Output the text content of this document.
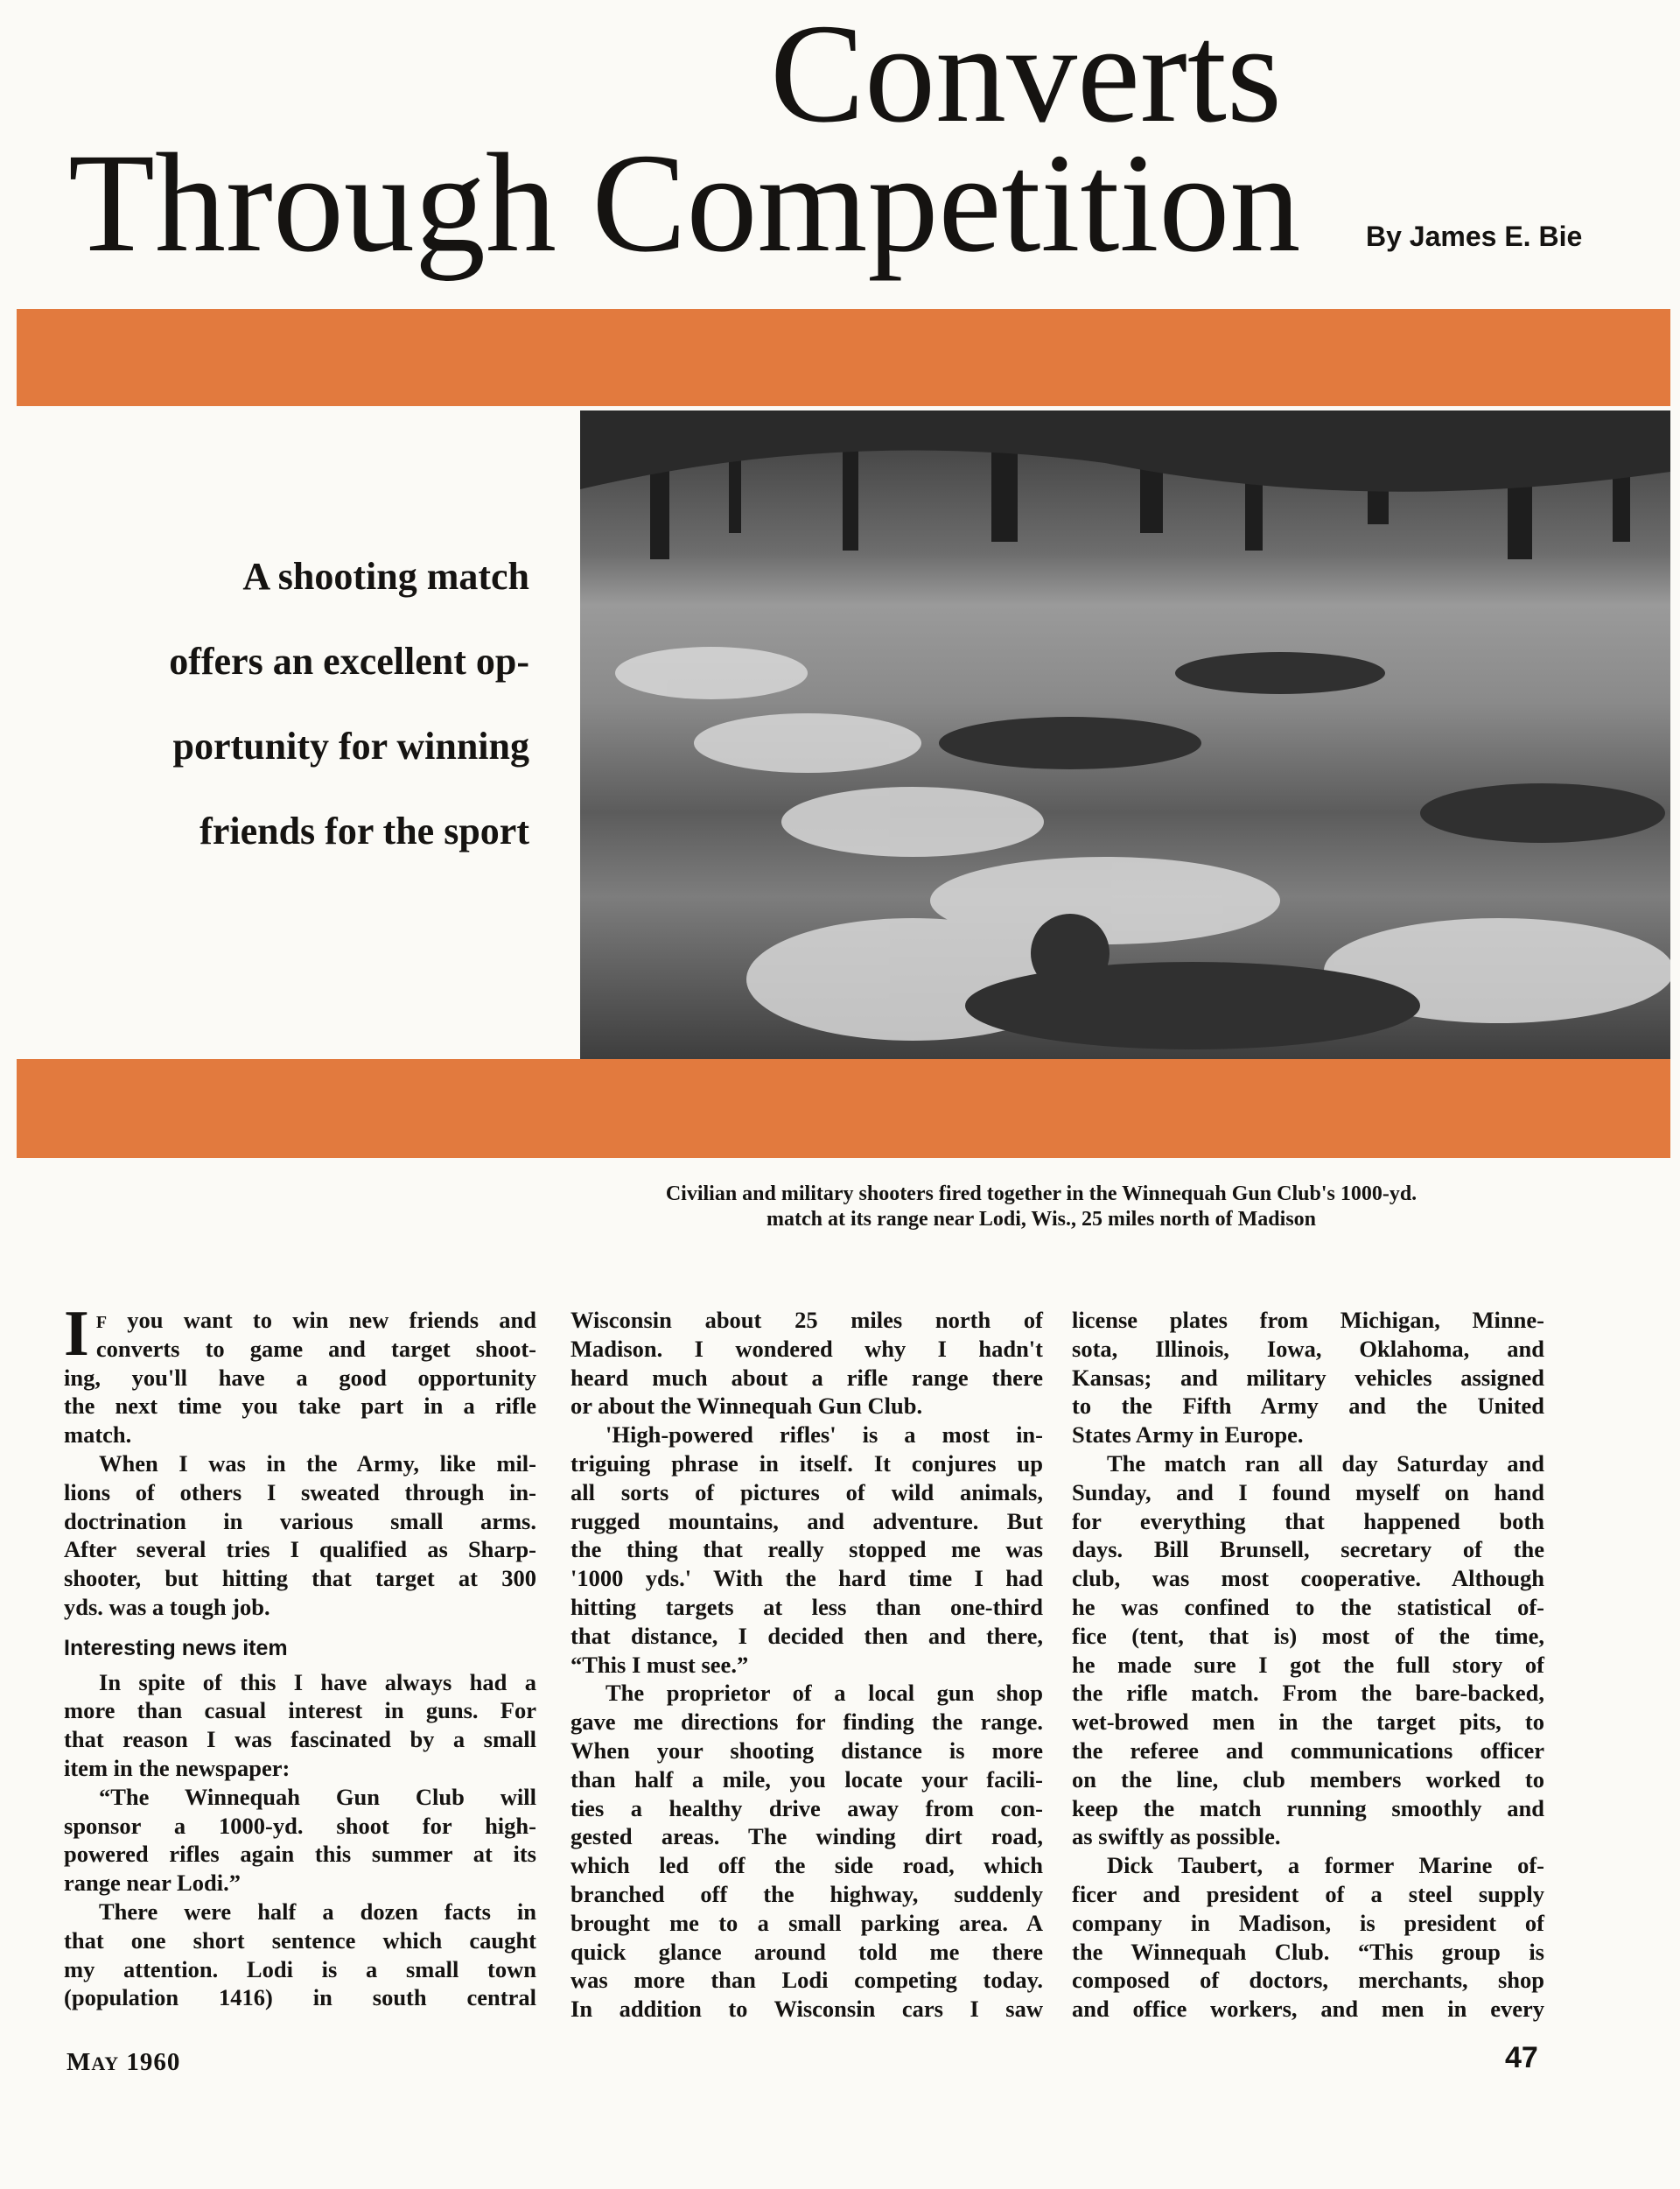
Converts
Through Competition By James E. Bie
A shooting match
offers an excellent op-
portunity for winning
friends for the sport
Civilian and military shooters fired together in the Winnequah Gun Club's 1000-yd.
match at its range near Lodi, Wis., 25 miles north of Madison
I F you want to win new friends and
converts to game and target shoot-
ing, you'll have a good opportunity
the next time you take part in a rifle
match.
When I was in the Army, like mil-
lions of others I sweated through in-
doctrination in various small arms.
After several tries I qualified as Sharp-
shooter, but hitting that target at 300
yds. was a tough job.
Interesting news item
In spite of this I have always had a
more than casual interest in guns. For
that reason I was fascinated by a small
item in the newspaper:
“The Winnequah Gun Club will
sponsor a 1000-yd. shoot for high-
powered rifles again this summer at its
range near Lodi.”
There were half a dozen facts in
that one short sentence which caught
my attention. Lodi is a small town
(population 1416) in south central
Wisconsin about 25 miles north of
Madison. I wondered why I hadn't
heard much about a rifle range there
or about the Winnequah Gun Club.
'High-powered rifles' is a most in-
triguing phrase in itself. It conjures up
all sorts of pictures of wild animals,
rugged mountains, and adventure. But
the thing that really stopped me was
'1000 yds.' With the hard time I had
hitting targets at less than one-third
that distance, I decided then and there,
“This I must see.”
The proprietor of a local gun shop
gave me directions for finding the range.
When your shooting distance is more
than half a mile, you locate your facili-
ties a healthy drive away from con-
gested areas. The winding dirt road,
which led off the side road, which
branched off the highway, suddenly
brought me to a small parking area. A
quick glance around told me there
was more than Lodi competing today.
In addition to Wisconsin cars I saw
license plates from Michigan, Minne-
sota, Illinois, Iowa, Oklahoma, and
Kansas; and military vehicles assigned
to the Fifth Army and the United
States Army in Europe.
The match ran all day Saturday and
Sunday, and I found myself on hand
for everything that happened both
days. Bill Brunsell, secretary of the
club, was most cooperative. Although
he was confined to the statistical of-
fice (tent, that is) most of the time,
he made sure I got the full story of
the rifle match. From the bare-backed,
wet-browed men in the target pits, to
the referee and communications officer
on the line, club members worked to
keep the match running smoothly and
as swiftly as possible.
Dick Taubert, a former Marine of-
ficer and president of a steel supply
company in Madison, is president of
the Winnequah Club. “This group is
composed of doctors, merchants, shop
and office workers, and men in every
MAY 1960	47
